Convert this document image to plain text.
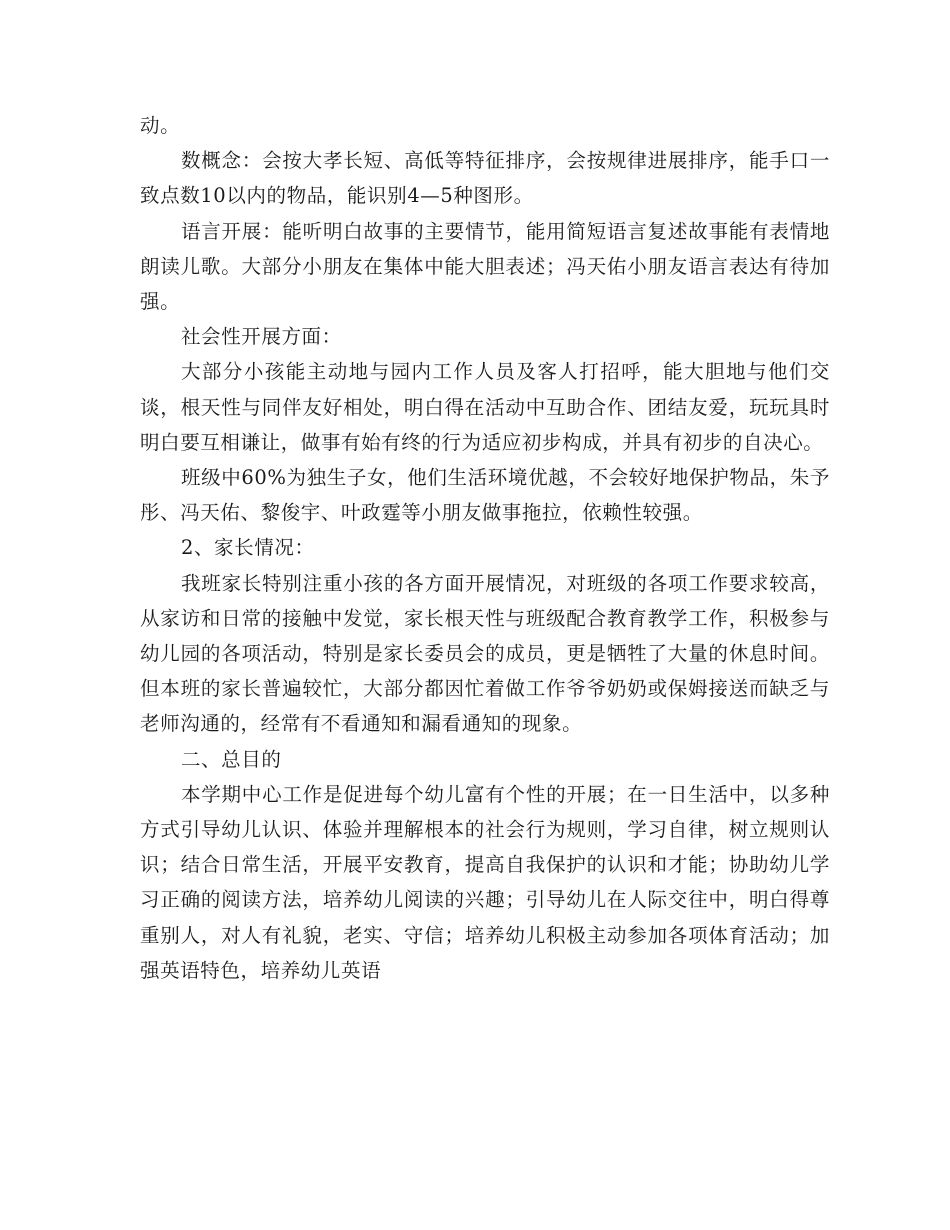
动。

数概念：会按大孝长短、高低等特征排序，会按规律进展排序，能手口一致点数10以内的物品，能识别4—5种图形。

语言开展：能听明白故事的主要情节，能用简短语言复述故事能有表情地朗读儿歌。大部分小朋友在集体中能大胆表述；冯天佑小朋友语言表达有待加强。

社会性开展方面：

大部分小孩能主动地与园内工作人员及客人打招呼，能大胆地与他们交谈，根天性与同伴友好相处，明白得在活动中互助合作、团结友爱，玩玩具时明白要互相谦让，做事有始有终的行为适应初步构成，并具有初步的自决心。

班级中60%为独生子女，他们生活环境优越，不会较好地保护物品，朱予彤、冯天佑、黎俊宇、叶政霆等小朋友做事拖拉，依赖性较强。

2、家长情况：

我班家长特别注重小孩的各方面开展情况，对班级的各项工作要求较高，从家访和日常的接触中发觉，家长根天性与班级配合教育教学工作，积极参与幼儿园的各项活动，特别是家长委员会的成员，更是牺牲了大量的休息时间。但本班的家长普遍较忙，大部分都因忙着做工作爷爷奶奶或保姆接送而缺乏与老师沟通的，经常有不看通知和漏看通知的现象。

二、总目的

本学期中心工作是促进每个幼儿富有个性的开展；在一日生活中，以多种方式引导幼儿认识、体验并理解根本的社会行为规则，学习自律，树立规则认识；结合日常生活，开展平安教育，提高自我保护的认识和才能；协助幼儿学习正确的阅读方法，培养幼儿阅读的兴趣；引导幼儿在人际交往中，明白得尊重别人，对人有礼貌，老实、守信；培养幼儿积极主动参加各项体育活动；加强英语特色，培养幼儿英语
